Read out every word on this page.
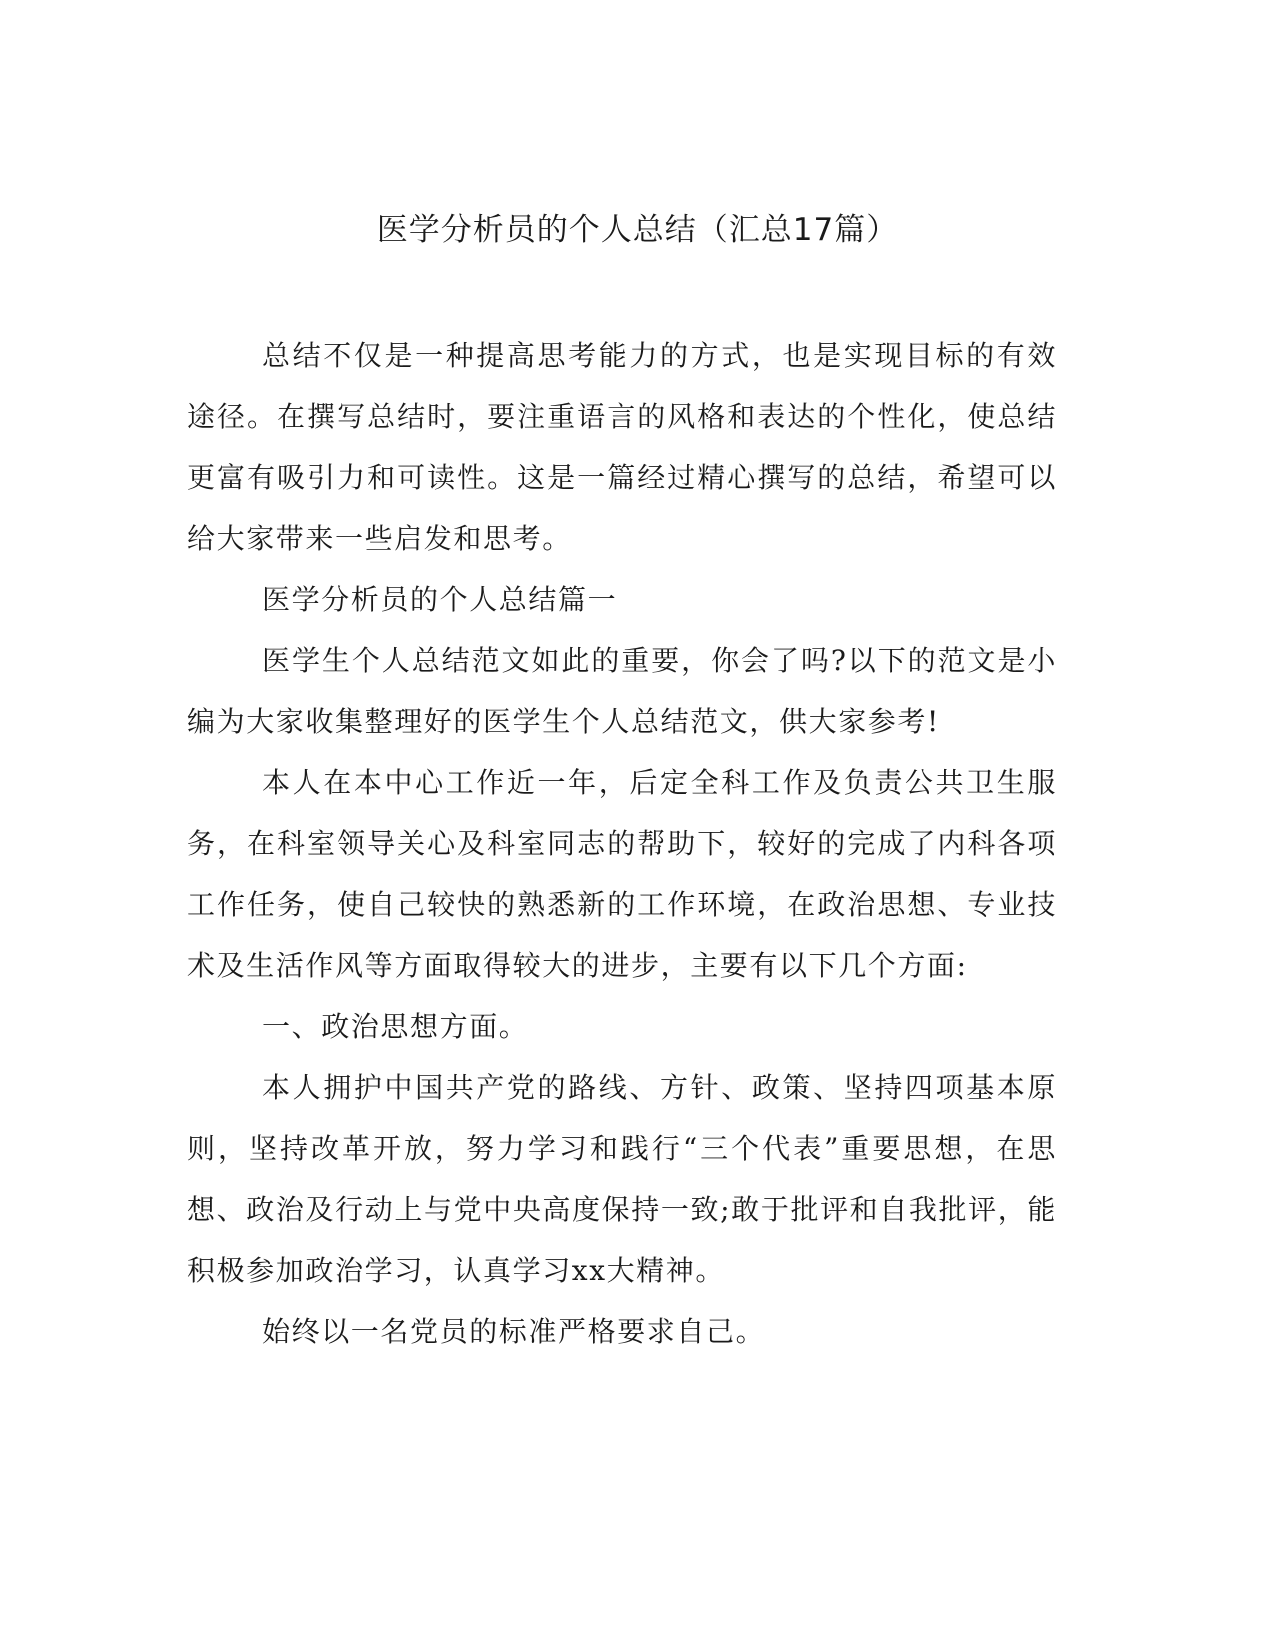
医学分析员的个人总结（汇总17篇）

总结不仅是一种提高思考能力的方式，也是实现目标的有效途径。在撰写总结时，要注重语言的风格和表达的个性化，使总结更富有吸引力和可读性。这是一篇经过精心撰写的总结，希望可以给大家带来一些启发和思考。

医学分析员的个人总结篇一

医学生个人总结范文如此的重要，你会了吗?以下的范文是小编为大家收集整理好的医学生个人总结范文，供大家参考!

本人在本中心工作近一年，后定全科工作及负责公共卫生服务，在科室领导关心及科室同志的帮助下，较好的完成了内科各项工作任务，使自己较快的熟悉新的工作环境，在政治思想、专业技术及生活作风等方面取得较大的进步，主要有以下几个方面:

一、政治思想方面。

本人拥护中国共产党的路线、方针、政策、坚持四项基本原则，坚持改革开放，努力学习和践行“三个代表”重要思想，在思想、政治及行动上与党中央高度保持一致;敢于批评和自我批评，能积极参加政治学习，认真学习xx大精神。

始终以一名党员的标准严格要求自己。
